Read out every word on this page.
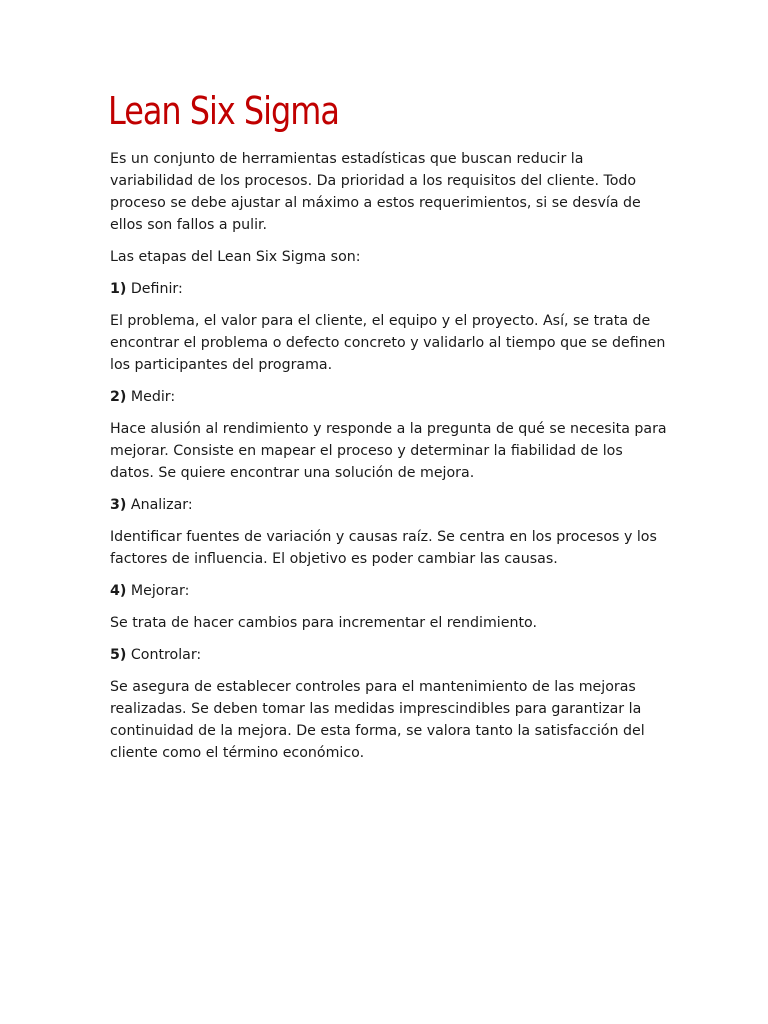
Lean Six Sigma

Es un conjunto de herramientas estadísticas que buscan reducir la variabilidad de los procesos. Da prioridad a los requisitos del cliente. Todo proceso se debe ajustar al máximo a estos requerimientos, si se desvía de ellos son fallos a pulir.

Las etapas del Lean Six Sigma son:

1) Definir:

El problema, el valor para el cliente, el equipo y el proyecto. Así, se trata de encontrar el problema o defecto concreto y validarlo al tiempo que se definen los participantes del programa.

2) Medir:

Hace alusión al rendimiento y responde a la pregunta de qué se necesita para mejorar. Consiste en mapear el proceso y determinar la fiabilidad de los datos. Se quiere encontrar una solución de mejora.

3) Analizar:

Identificar fuentes de variación y causas raíz. Se centra en los procesos y los factores de influencia. El objetivo es poder cambiar las causas.

4) Mejorar:

Se trata de hacer cambios para incrementar el rendimiento.

5) Controlar:

Se asegura de establecer controles para el mantenimiento de las mejoras realizadas. Se deben tomar las medidas imprescindibles para garantizar la continuidad de la mejora. De esta forma, se valora tanto la satisfacción del cliente como el término económico.
